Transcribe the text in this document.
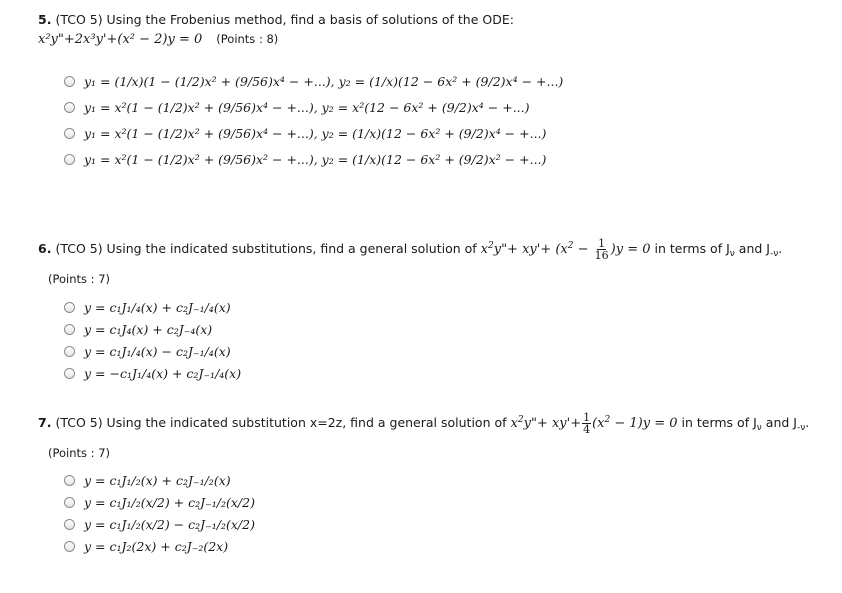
5. (TCO 5) Using the Frobenius method, find a basis of solutions of the ODE:
x²y"+2x³y'+(x² − 2)y = 0 (Points : 8)
y₁ = (1/x)(1 − (1/2)x² + (9/56)x⁴ − +...), y₂ = (1/x)(12 − 6x² + (9/2)x⁴ − +...)
y₁ = x²(1 − (1/2)x² + (9/56)x⁴ − +...), y₂ = x²(12 − 6x² + (9/2)x⁴ − +...)
y₁ = x²(1 − (1/2)x² + (9/56)x⁴ − +...), y₂ = (1/x)(12 − 6x² + (9/2)x⁴ − +...)
y₁ = x²(1 − (1/2)x² + (9/56)x² − +...), y₂ = (1/x)(12 − 6x² + (9/2)x² − +...)
6. (TCO 5) Using the indicated substitutions, find a general solution of $x^2y"+ xy'+ (x^2 - \frac{1}{16} )y = 0$ in terms of $J_\nu$ and $J_{-\nu}$.
(Points : 7)
y = c₁J₁/₄(x) + c₂J₋₁/₄(x)
y = c₁J₄(x) + c₂J₋₄(x)
y = c₁J₁/₄(x) − c₂J₋₁/₄(x)
y = −c₁J₁/₄(x) + c₂J₋₁/₄(x)
7. (TCO 5) Using the indicated substitution x=2z, find a general solution of $x^2y"+ xy'+ \frac{1}{4} (x^2 - 1)y = 0$ in terms of $J_\nu$ and $J_{-\nu}$.
(Points : 7)
y = c₁J₁/₂(x) + c₂J₋₁/₂(x)
y = c₁J₁/₂(x/2) + c₂J₋₁/₂(x/2)
y = c₁J₁/₂(x/2) − c₂J₋₁/₂(x/2)
y = c₁J₂(2x) + c₂J₋₂(2x)
